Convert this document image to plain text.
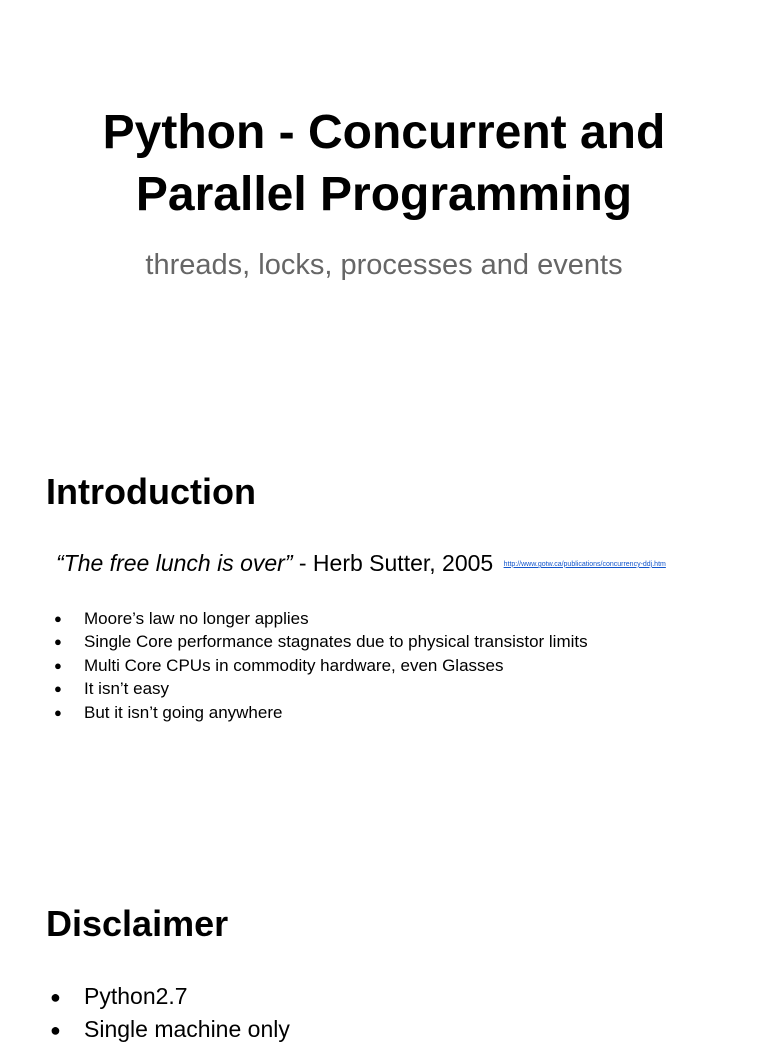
Python - Concurrent and
Parallel Programming

threads, locks, processes and events

Introduction
“The free lunch is over” - Herb Sutter, 2005 http://www.gotw.ca/publications/concurrency-ddj.htm
● Moore’s law no longer applies
● Single Core performance stagnates due to physical transistor limits
● Multi Core CPUs in commodity hardware, even Glasses
● It isn’t easy
● But it isn’t going anywhere
Disclaimer
● Python2.7
● Single machine only
